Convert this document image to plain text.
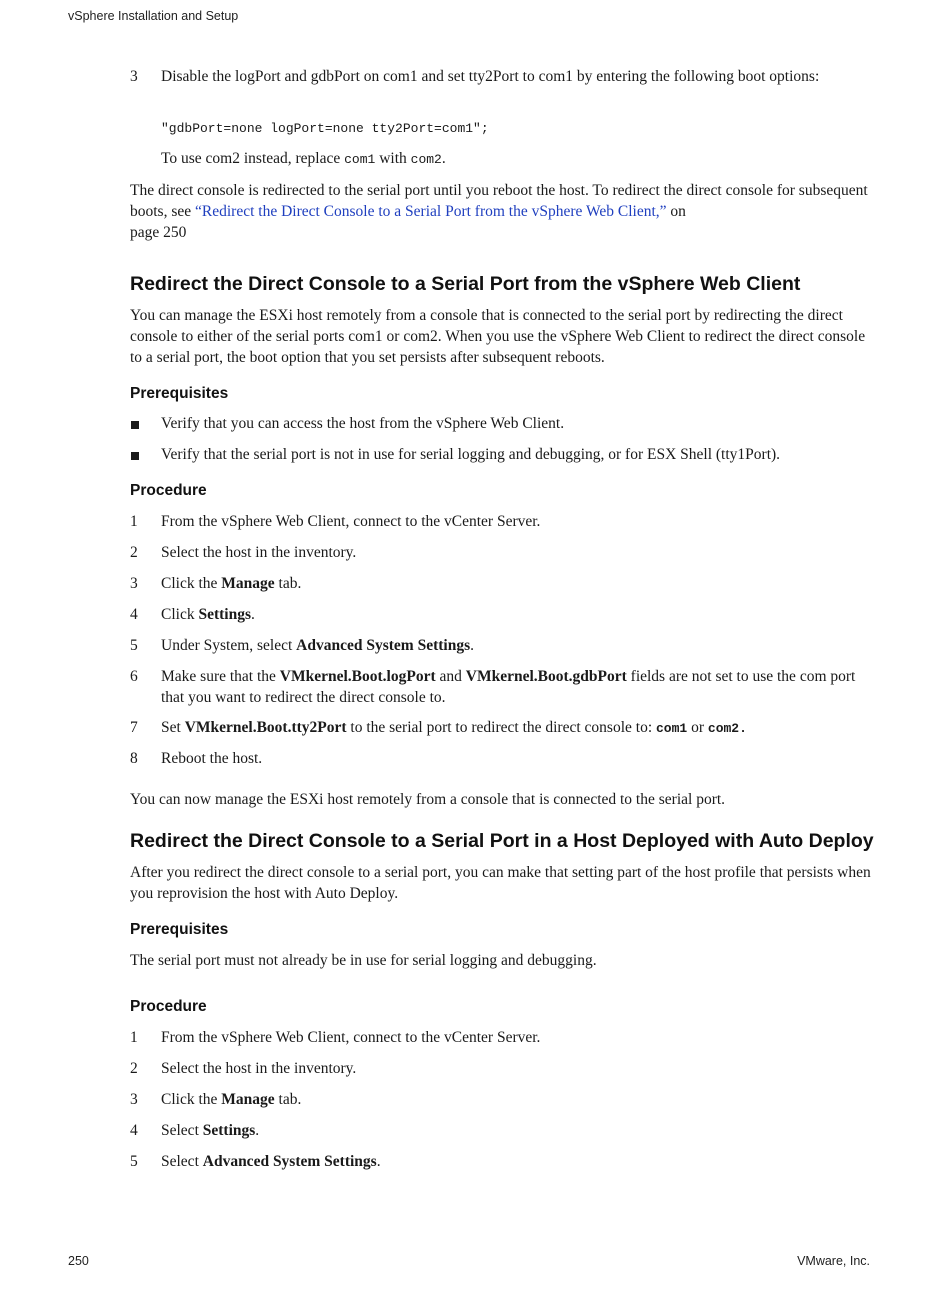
vSphere Installation and Setup
3	Disable the logPort and gdbPort on com1 and set tty2Port to com1 by entering the following boot options:
"gdbPort=none logPort=none tty2Port=com1";
To use com2 instead, replace com1 with com2.
The direct console is redirected to the serial port until you reboot the host. To redirect the direct console for subsequent boots, see “Redirect the Direct Console to a Serial Port from the vSphere Web Client,” on
page 250
Redirect the Direct Console to a Serial Port from the vSphere Web Client
You can manage the ESXi host remotely from a console that is connected to the serial port by redirecting the direct console to either of the serial ports com1 or com2. When you use the vSphere Web Client to redirect the direct console to a serial port, the boot option that you set persists after subsequent reboots.
Prerequisites
Verify that you can access the host from the vSphere Web Client.
Verify that the serial port is not in use for serial logging and debugging, or for ESX Shell (tty1Port).
Procedure
1	From the vSphere Web Client, connect to the vCenter Server.
2	Select the host in the inventory.
3	Click the Manage tab.
4	Click Settings.
5	Under System, select Advanced System Settings.
6	Make sure that the VMkernel.Boot.logPort and VMkernel.Boot.gdbPort fields are not set to use the com port that you want to redirect the direct console to.
7	Set VMkernel.Boot.tty2Port to the serial port to redirect the direct console to: com1 or com2.
8	Reboot the host.
You can now manage the ESXi host remotely from a console that is connected to the serial port.
Redirect the Direct Console to a Serial Port in a Host Deployed with Auto Deploy
After you redirect the direct console to a serial port, you can make that setting part of the host profile that persists when you reprovision the host with Auto Deploy.
Prerequisites
The serial port must not already be in use for serial logging and debugging.
Procedure
1	From the vSphere Web Client, connect to the vCenter Server.
2	Select the host in the inventory.
3	Click the Manage tab.
4	Select Settings.
5	Select Advanced System Settings.
250	VMware, Inc.
